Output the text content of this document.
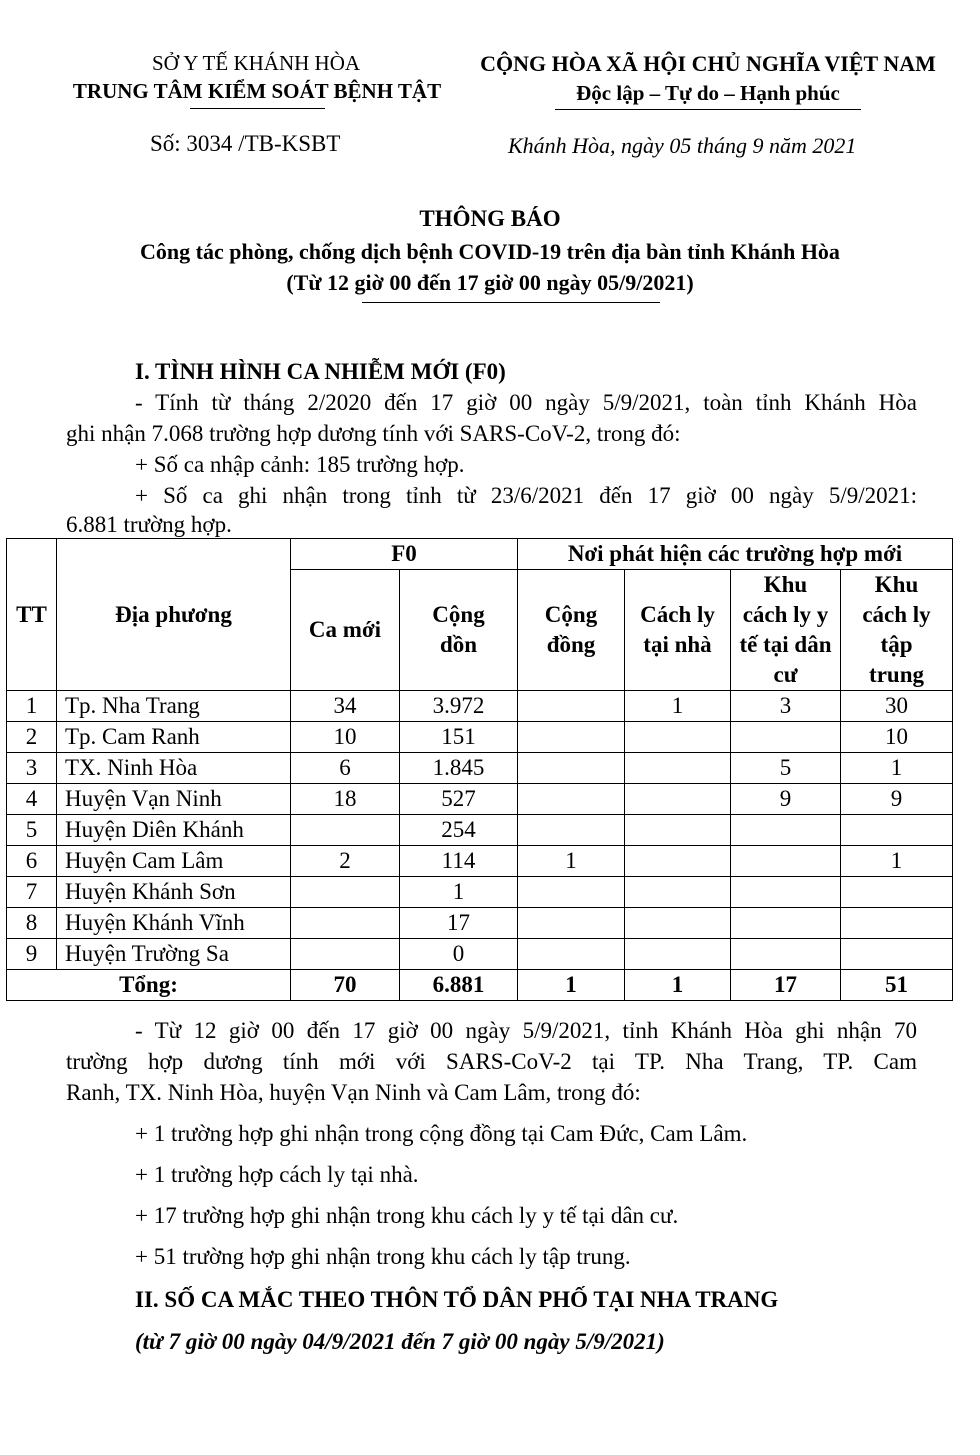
SỞ Y TẾ KHÁNH HÒA
TRUNG TÂM KIỂM SOÁT BỆNH TẬT
CỘNG HÒA XÃ HỘI CHỦ NGHĨA VIỆT NAM
Độc lập – Tự do – Hạnh phúc
Số: 3034 /TB-KSBT	Khánh Hòa, ngày 05 tháng 9 năm 2021
THÔNG BÁO
Công tác phòng, chống dịch bệnh COVID-19 trên địa bàn tỉnh Khánh Hòa
(Từ 12 giờ 00 đến 17 giờ 00 ngày 05/9/2021)
I. TÌNH HÌNH CA NHIỄM MỚI (F0)
- Tính từ tháng 2/2020 đến 17 giờ 00 ngày 5/9/2021, toàn tỉnh Khánh Hòa
ghi nhận 7.068 trường hợp dương tính với SARS-CoV-2, trong đó:
+ Số ca nhập cảnh: 185 trường hợp.
+ Số ca ghi nhận trong tỉnh từ 23/6/2021 đến 17 giờ 00 ngày 5/9/2021:
6.881 trường hợp.
TT	Địa phương	F0		Nơi phát hiện các trường hợp mới			
		Ca mới	Cộng dồn	Cộng đồng	Cách ly tại nhà	Khu cách ly y tế tại dân cư	Khu cách ly tập trung
1	Tp. Nha Trang	34	3.972		1	3	30
2	Tp. Cam Ranh	10	151				10
3	TX. Ninh Hòa	6	1.845			5	1
4	Huyện Vạn Ninh	18	527			9	9
5	Huyện Diên Khánh		254				
6	Huyện Cam Lâm	2	114	1			1
7	Huyện Khánh Sơn		1				
8	Huyện Khánh Vĩnh		17				
9	Huyện Trường Sa		0				
Tổng:		70	6.881	1	1	17	51
- Từ 12 giờ 00 đến 17 giờ 00 ngày 5/9/2021, tỉnh Khánh Hòa ghi nhận 70
trường hợp dương tính mới với SARS-CoV-2 tại TP. Nha Trang, TP. Cam
Ranh, TX. Ninh Hòa, huyện Vạn Ninh và Cam Lâm, trong đó:
+ 1 trường hợp ghi nhận trong cộng đồng tại Cam Đức, Cam Lâm.
+ 1 trường hợp cách ly tại nhà.
+ 17 trường hợp ghi nhận trong khu cách ly y tế tại dân cư.
+ 51 trường hợp ghi nhận trong khu cách ly tập trung.
II. SỐ CA MẮC THEO THÔN TỔ DÂN PHỐ TẠI NHA TRANG
(từ 7 giờ 00 ngày 04/9/2021 đến 7 giờ 00 ngày 5/9/2021)
